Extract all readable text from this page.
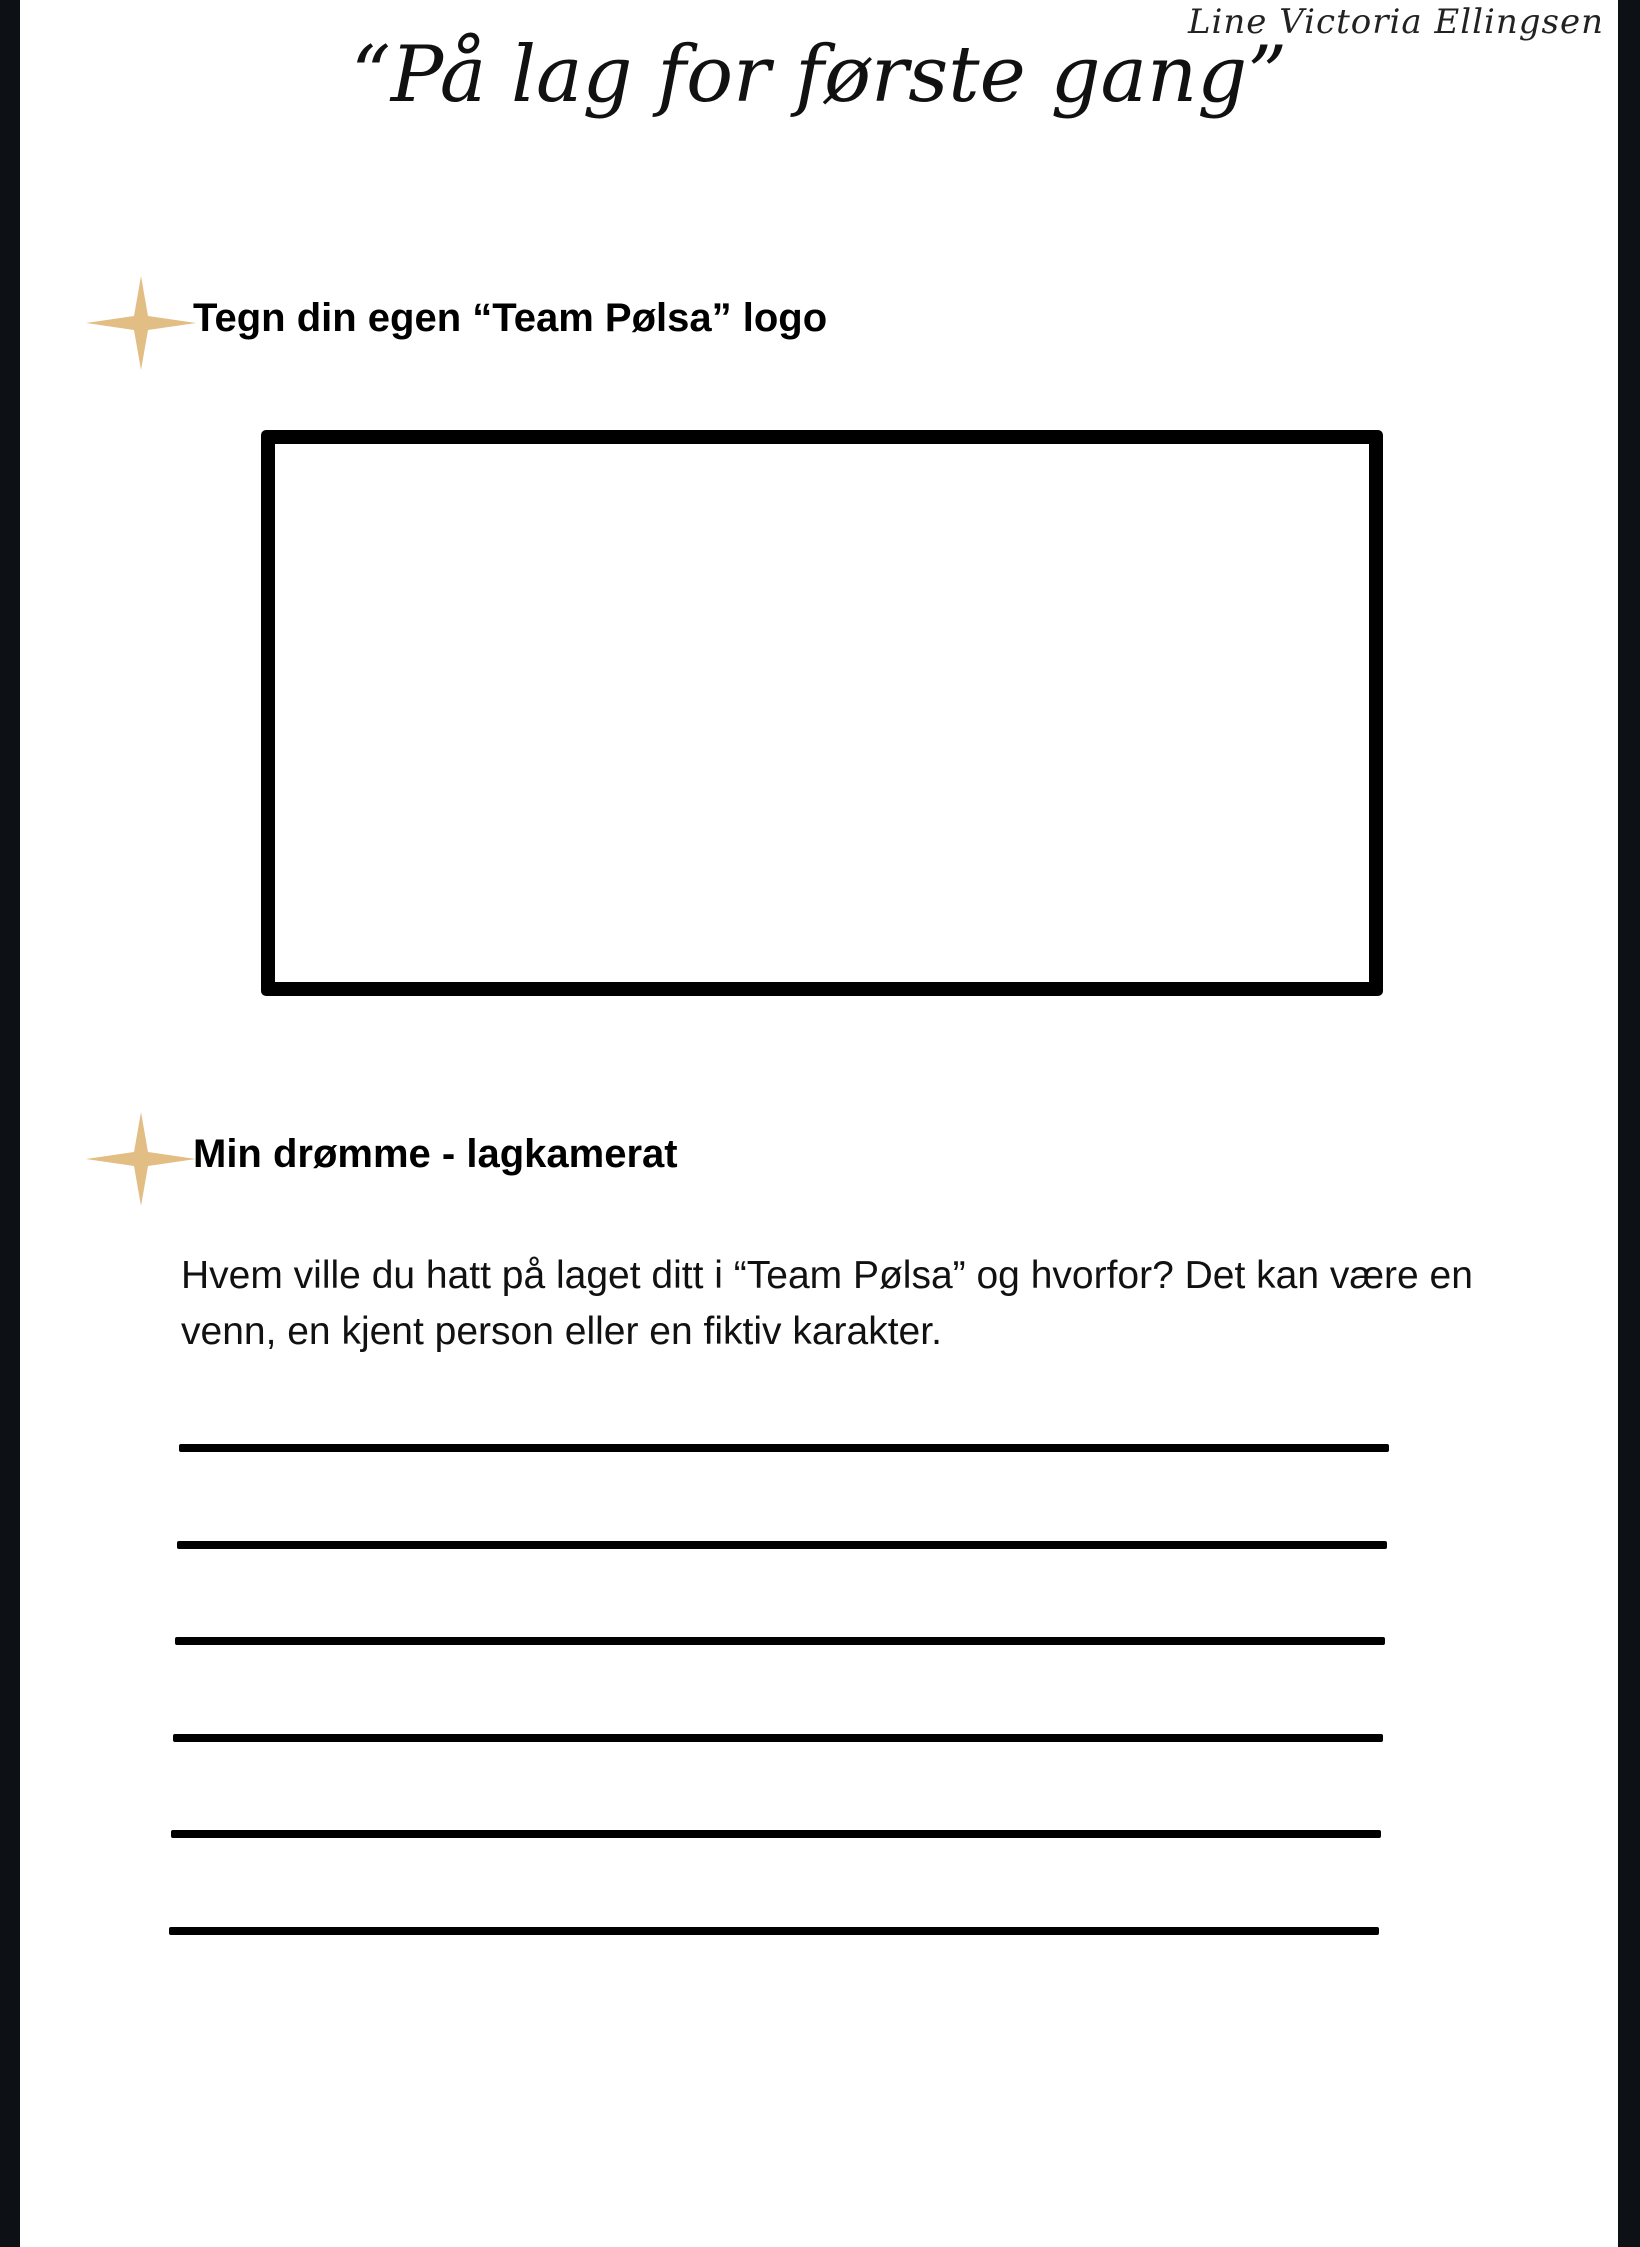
Line Victoria Ellingsen
“På lag for første gang”
Tegn din egen “Team Pølsa” logo
Min drømme - lagkamerat
Hvem ville du hatt på laget ditt i “Team Pølsa” og hvorfor? Det kan være en venn, en kjent person eller en fiktiv karakter.
